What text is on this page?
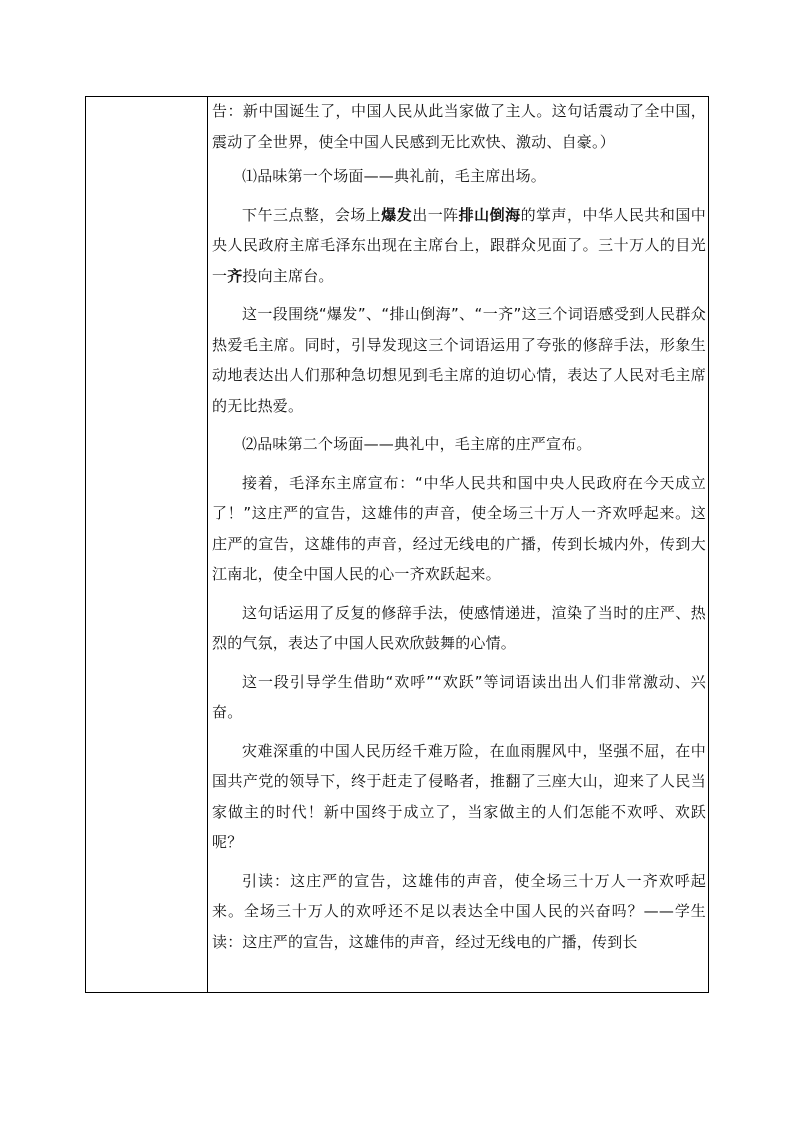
告：新中国诞生了，中国人民从此当家做了主人。这句话震动了全中国，震动了全世界，使全中国人民感到无比欢快、激动、自豪。）

⑴品味第一个场面——典礼前，毛主席出场。

下午三点整，会场上爆发出一阵排山倒海的掌声，中华人民共和国中央人民政府主席毛泽东出现在主席台上，跟群众见面了。三十万人的目光一齐投向主席台。

这一段围绕“爆发”、“排山倒海”、“一齐”这三个词语感受到人民群众热爱毛主席。同时，引导发现这三个词语运用了夸张的修辞手法，形象生动地表达出人们那种急切想见到毛主席的迫切心情，表达了人民对毛主席的无比热爱。

⑵品味第二个场面——典礼中，毛主席的庄严宣布。

接着，毛泽东主席宣布：“中华人民共和国中央人民政府在今天成立了！”这庄严的宣告，这雄伟的声音，使全场三十万人一齐欢呼起来。这庄严的宣告，这雄伟的声音，经过无线电的广播，传到长城内外，传到大江南北，使全中国人民的心一齐欢跃起来。

这句话运用了反复的修辞手法，使感情递进，渲染了当时的庄严、热烈的气氛，表达了中国人民欢欣鼓舞的心情。

这一段引导学生借助“欢呼”“欢跃”等词语读出出人们非常激动、兴奋。

灾难深重的中国人民历经千难万险，在血雨腥风中，坚强不屈，在中国共产党的领导下，终于赶走了侵略者，推翻了三座大山，迎来了人民当家做主的时代！新中国终于成立了，当家做主的人们怎能不欢呼、欢跃呢？

引读：这庄严的宣告，这雄伟的声音，使全场三十万人一齐欢呼起来。全场三十万人的欢呼还不足以表达全中国人民的兴奋吗？——学生读：这庄严的宣告，这雄伟的声音，经过无线电的广播，传到长
